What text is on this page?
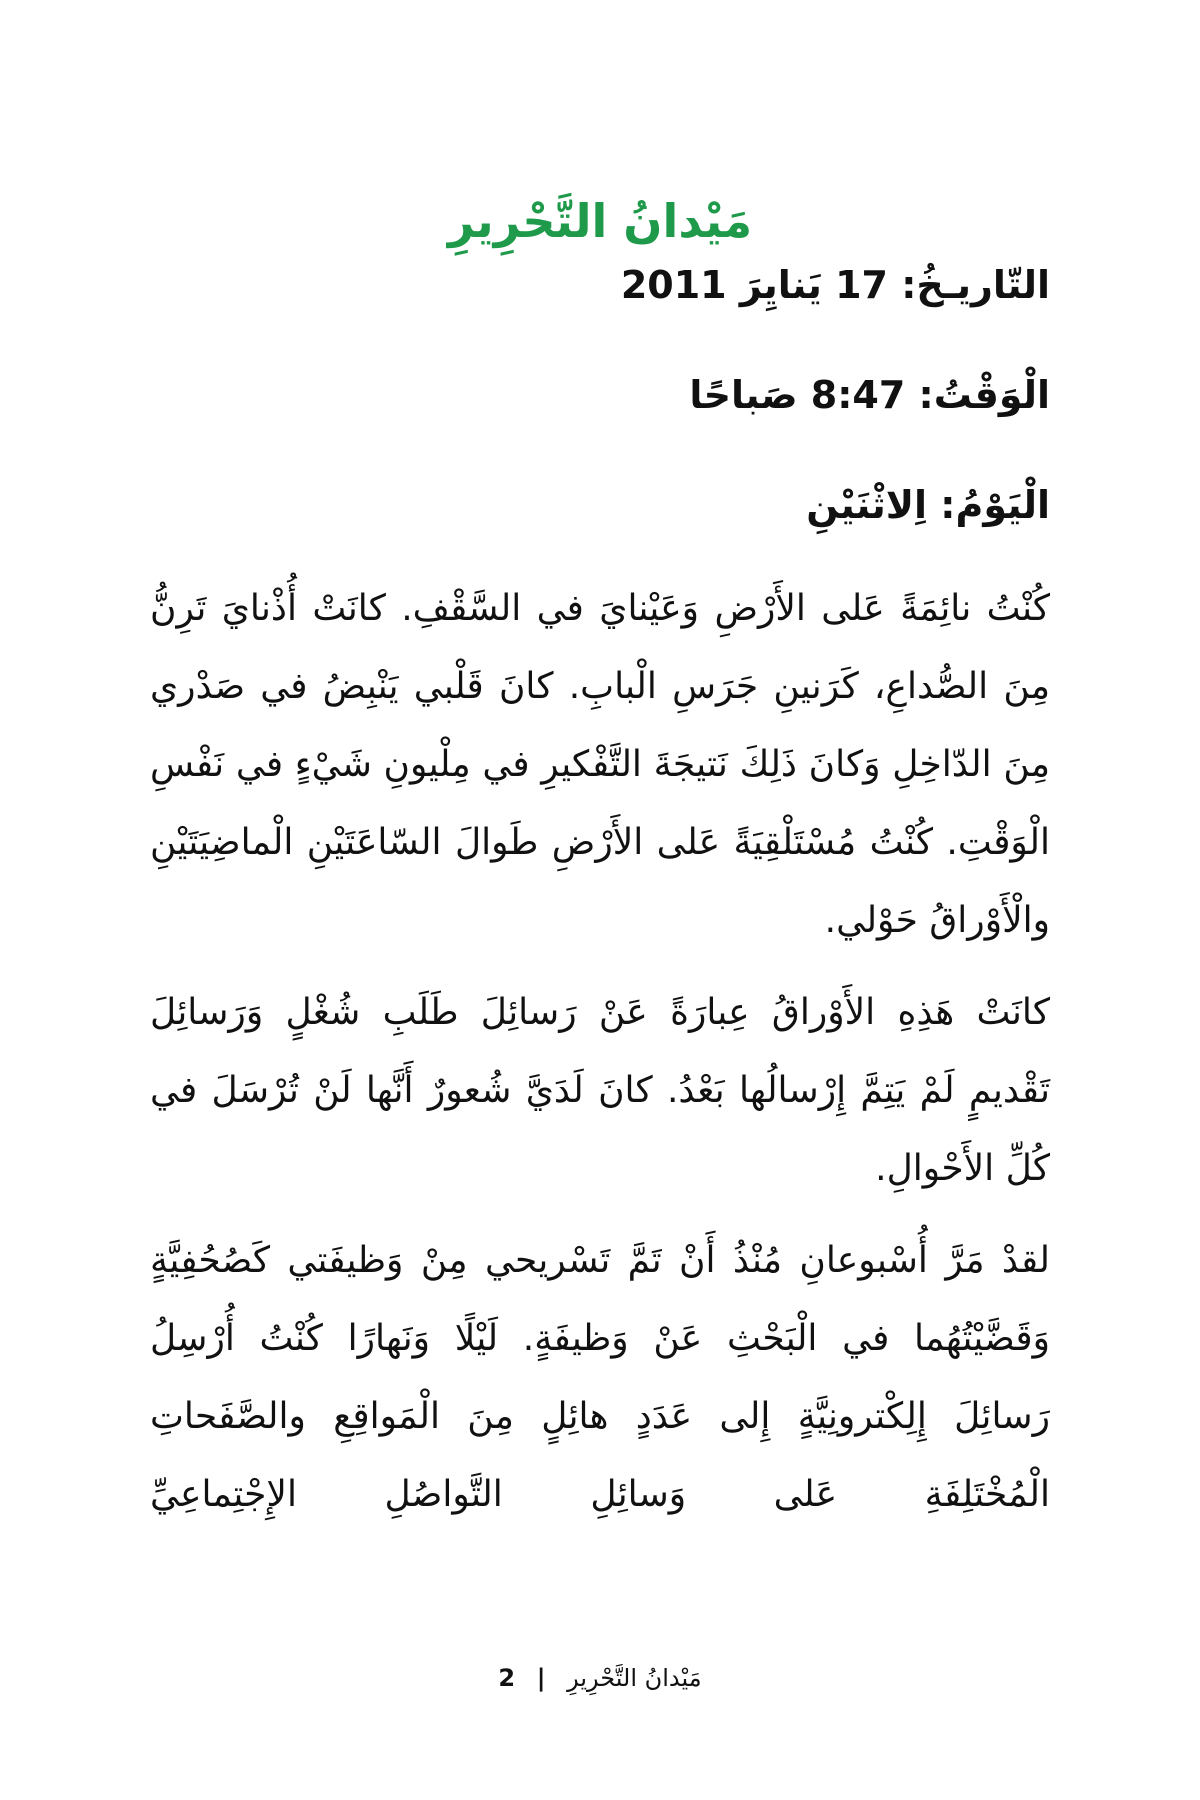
مَيْدانُ التَّحْرِيرِ
التاريـخ: 17 يناير 2011
الوقت: 8:47 صباحا
اليوم: الاثنين

كنت نائمة على الأرض وعيناي في السقف. كانت أذناي ترن من الصداع، كرنين جرس الباب. كان قلبي ينبض في صدري من الداخل وكان ذلك نتيجة التفكير في مليون شيء في نفس الوقت. كنت مستلقية على الأرض طوال الساعتين الماضيتين والوراق حولي.

كانت هذه الأوراق عبارة عن رسائل طلب شغل ورسائل تقديم لم يتم إرسالها بعد. كان لدي شعور أنها لن ترسل في كل الأحوال.

لقد مر أسبوعان منذ أن تم تسريحي من وظيفتي كصحفية وقضيتهما في البحث عن وظيفة. ليلا ونهارا كنت أرسل رسائل إلكترونية إلى عدد هائل من المواقع والصفحات المختلفة على وسائل التواصل الإجتماعي

ميدان التحرير | 2
